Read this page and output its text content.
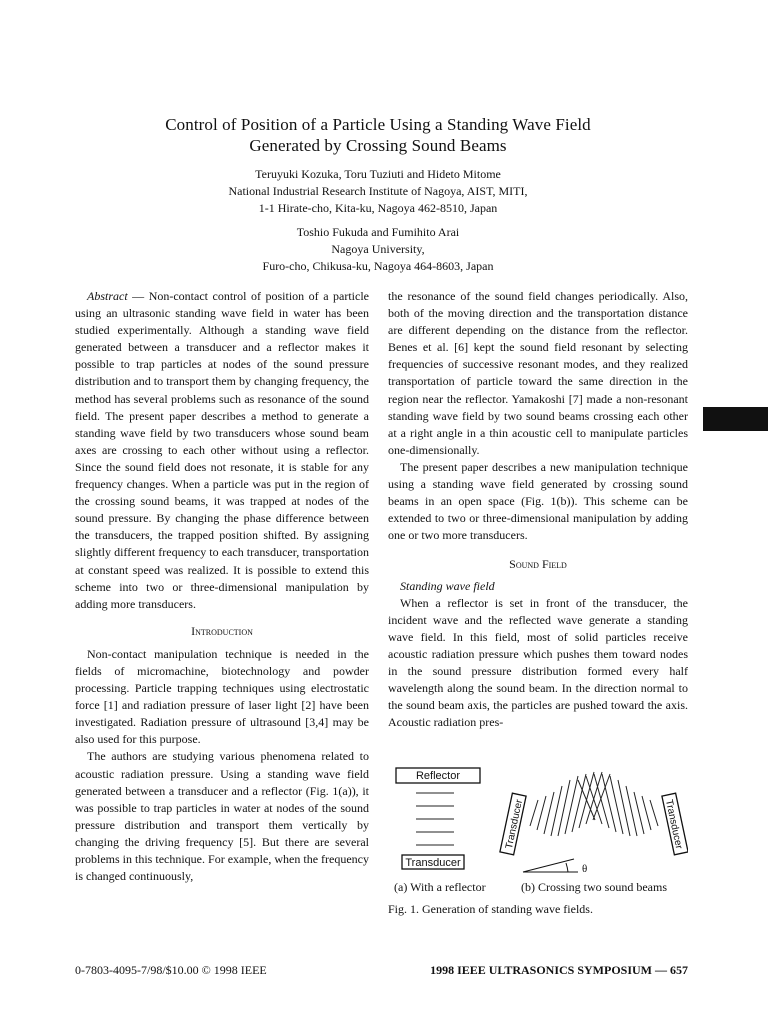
Control of Position of a Particle Using a Standing Wave Field
Generated by Crossing Sound Beams
Teruyuki Kozuka, Toru Tuziuti and Hideto Mitome
National Industrial Research Institute of Nagoya, AIST, MITI,
1-1 Hirate-cho, Kita-ku, Nagoya 462-8510, Japan
Toshio Fukuda and Fumihito Arai
Nagoya University,
Furo-cho, Chikusa-ku, Nagoya 464-8603, Japan

Abstract — Non-contact control of position of a particle using an ultrasonic standing wave field in water has been studied experimentally. Although a standing wave field generated between a transducer and a reflector makes it possible to trap particles at nodes of the sound pressure distribution and to transport them by changing frequency, the method has several problems such as resonance of the sound field. The present paper describes a method to generate a standing wave field by two transducers whose sound beam axes are crossing to each other without using a reflector. Since the sound field does not resonate, it is stable for any frequency changes. When a particle was put in the region of the crossing sound beams, it was trapped at nodes of the sound pressure. By changing the phase difference between the transducers, the trapped position shifted. By assigning slightly different frequency to each transducer, transportation at constant speed was realized. It is possible to extend this scheme into two or three-dimensional manipulation by adding more transducers.

Introduction

Non-contact manipulation technique is needed in the fields of micromachine, biotechnology and powder processing. Particle trapping techniques using electrostatic force [1] and radiation pressure of laser light [2] have been investigated. Radiation pressure of ultrasound [3,4] may be also used for this purpose.

The authors are studying various phenomena related to acoustic radiation pressure. Using a standing wave field generated between a transducer and a reflector (Fig. 1(a)), it was possible to trap particles in water at nodes of the sound pressure distribution and transport them vertically by changing the driving frequency [5]. But there are several problems in this technique. For example, when the frequency is changed continuously,

the resonance of the sound field changes periodically. Also, both of the moving direction and the transportation distance are different depending on the distance from the reflector. Benes et al. [6] kept the sound field resonant by selecting frequencies of successive resonant modes, and they realized transportation of particle toward the same direction in the region near the reflector. Yamakoshi [7] made a non-resonant standing wave field by two sound beams crossing each other at a right angle in a thin acoustic cell to manipulate particles one-dimensionally.

The present paper describes a new manipulation technique using a standing wave field generated by crossing sound beams in an open space (Fig. 1(b)). This scheme can be extended to two or three-dimensional manipulation by adding one or two more transducers.

Sound Field

Standing wave field

When a reflector is set in front of the transducer, the incident wave and the reflected wave generate a standing wave field. In this field, most of solid particles receive acoustic radiation pressure which pushes them toward nodes in the sound pressure distribution formed every half wavelength along the sound beam. In the direction normal to the sound beam axis, the particles are pushed toward the axis. Acoustic radiation pres-

Reflector
Transducer
Transducer	Transducer
θ
(a) With a reflector	(b) Crossing two sound beams
Fig. 1. Generation of standing wave fields.
0-7803-4095-7/98/$10.00 © 1998 IEEE	1998 IEEE ULTRASONICS SYMPOSIUM — 657
